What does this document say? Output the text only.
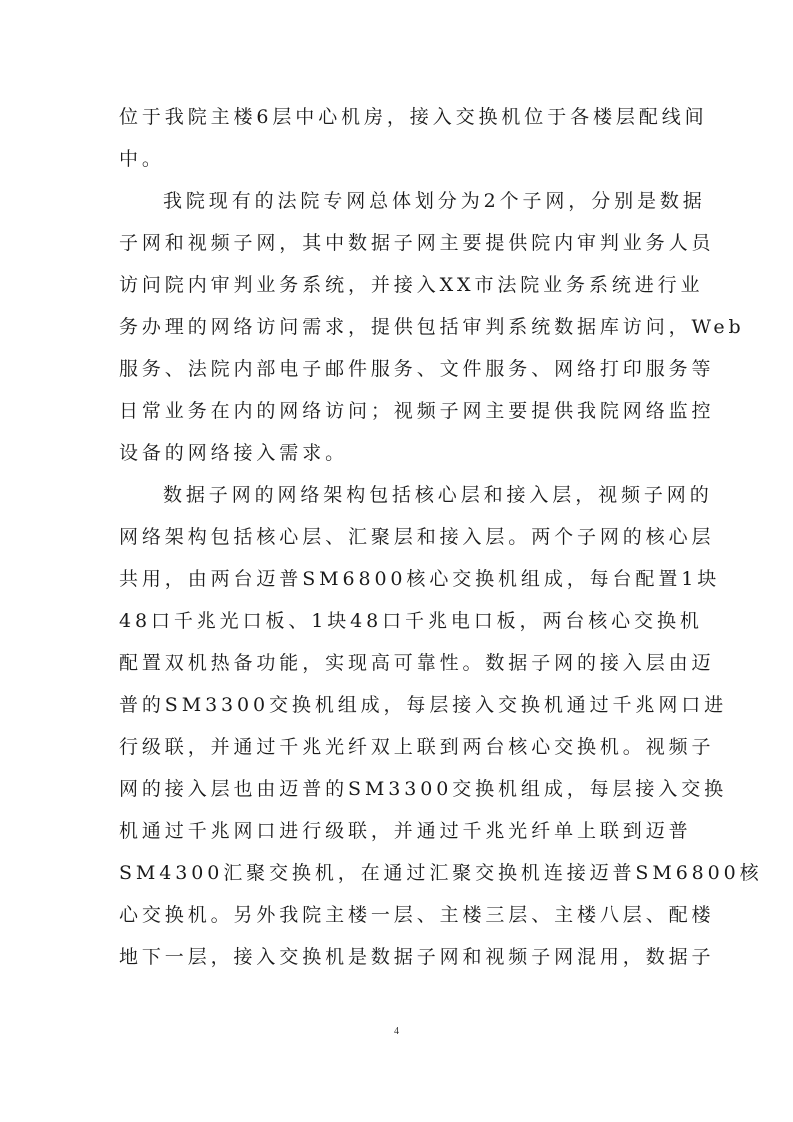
位于我院主楼6层中心机房，接入交换机位于各楼层配线间
中。
我院现有的法院专网总体划分为2个子网，分别是数据
子网和视频子网，其中数据子网主要提供院内审判业务人员
访问院内审判业务系统，并接入XX市法院业务系统进行业
务办理的网络访问需求，提供包括审判系统数据库访问，Web
服务、法院内部电子邮件服务、文件服务、网络打印服务等
日常业务在内的网络访问；视频子网主要提供我院网络监控
设备的网络接入需求。
数据子网的网络架构包括核心层和接入层，视频子网的
网络架构包括核心层、汇聚层和接入层。两个子网的核心层
共用，由两台迈普SM6800核心交换机组成，每台配置1块
48口千兆光口板、1块48口千兆电口板，两台核心交换机
配置双机热备功能，实现高可靠性。数据子网的接入层由迈
普的SM3300交换机组成，每层接入交换机通过千兆网口进
行级联，并通过千兆光纤双上联到两台核心交换机。视频子
网的接入层也由迈普的SM3300交换机组成，每层接入交换
机通过千兆网口进行级联，并通过千兆光纤单上联到迈普
SM4300汇聚交换机，在通过汇聚交换机连接迈普SM6800核
心交换机。另外我院主楼一层、主楼三层、主楼八层、配楼
地下一层，接入交换机是数据子网和视频子网混用，数据子
4
